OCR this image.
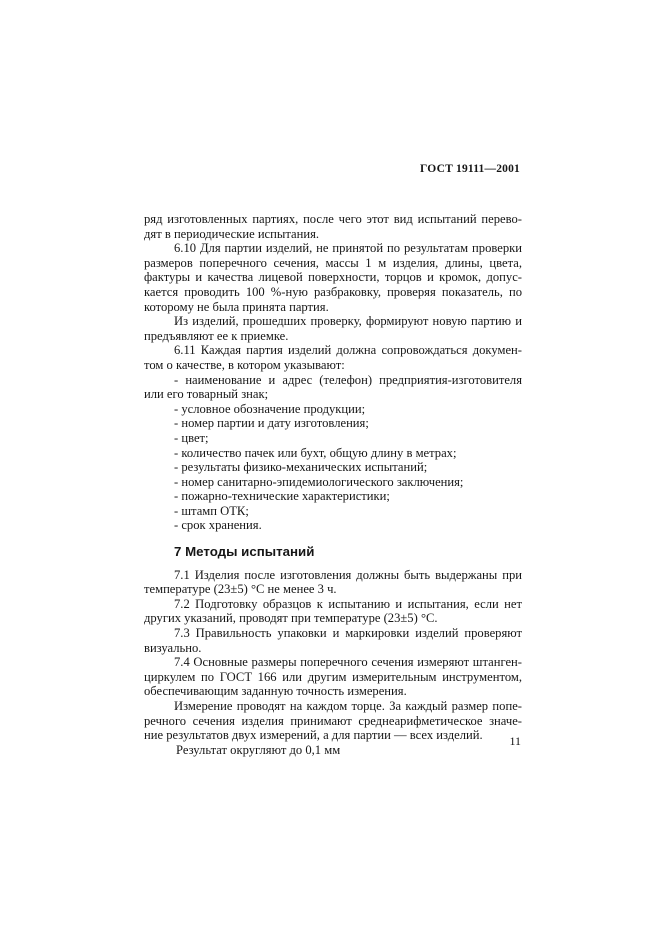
ГОСТ 19111—2001

ряд изготовленных партиях, после чего этот вид испытаний перево-дят в периодические испытания.

6.10 Для партии изделий, не принятой по результатам проверки размеров поперечного сечения, массы 1 м изделия, длины, цвета, фактуры и качества лицевой поверхности, торцов и кромок, допус-кается проводить 100 %-ную разбраковку, проверяя показатель, по которому не была принята партия.

Из изделий, прошедших проверку, формируют новую партию и предъявляют ее к приемке.

6.11 Каждая партия изделий должна сопровождаться докумен-том о качестве, в котором указывают:

- наименование и адрес (телефон) предприятия-изготовителя или его товарный знак;

- условное обозначение продукции;

- номер партии и дату изготовления;

- цвет;

- количество пачек или бухт, общую длину в метрах;

- результаты физико-механических испытаний;

- номер санитарно-эпидемиологического заключения;

- пожарно-технические характеристики;

- штамп ОТК;

- срок хранения.

7 Методы испытаний

7.1 Изделия после изготовления должны быть выдержаны при температуре (23±5) °С не менее 3 ч.

7.2 Подготовку образцов к испытанию и испытания, если нет других указаний, проводят при температуре (23±5) °С.

7.3 Правильность упаковки и маркировки изделий проверяют визуально.

7.4 Основные размеры поперечного сечения измеряют штанген-циркулем по ГОСТ 166 или другим измерительным инструментом, обеспечивающим заданную точность измерения.

Измерение проводят на каждом торце. За каждый размер попе-речного сечения изделия принимают среднеарифметическое значе-ние результатов двух измерений, а для партии — всех изделий.

Результат округляют до 0,1 мм

11
